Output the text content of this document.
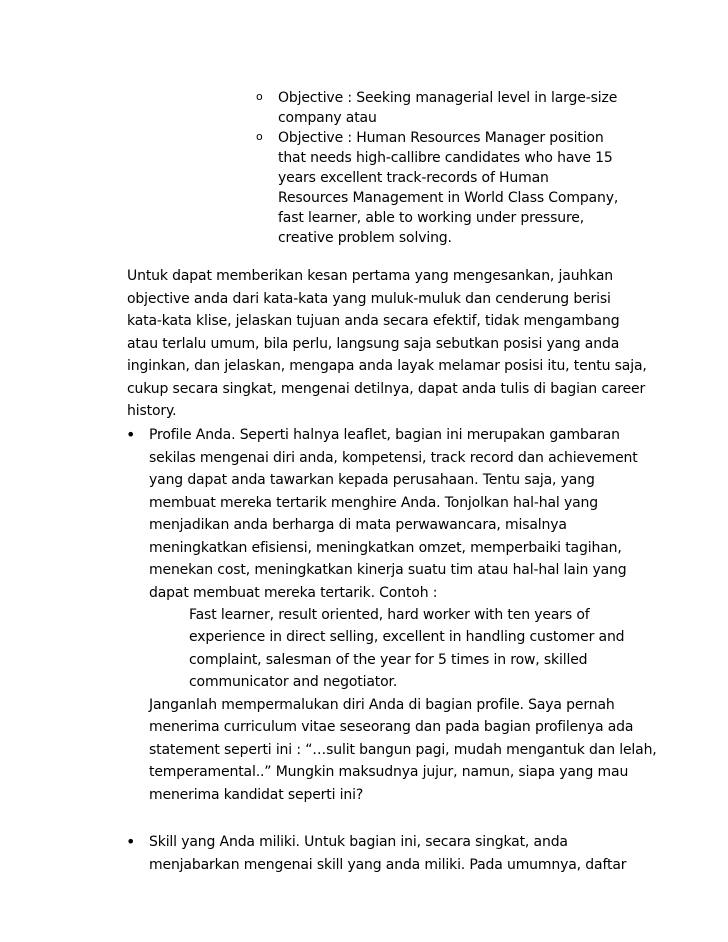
o Objective : Seeking managerial level in large-size
company atau
o Objective : Human Resources Manager position
that needs high-callibre candidates who have 15
years excellent track-records of Human
Resources Management in World Class Company,
fast learner, able to working under pressure,
creative problem solving.
Untuk dapat memberikan kesan pertama yang mengesankan, jauhkan
objective anda dari kata-kata yang muluk-muluk dan cenderung berisi
kata-kata klise, jelaskan tujuan anda secara efektif, tidak mengambang
atau terlalu umum, bila perlu, langsung saja sebutkan posisi yang anda
inginkan, dan jelaskan, mengapa anda layak melamar posisi itu, tentu saja,
cukup secara singkat, mengenai detilnya, dapat anda tulis di bagian career
history.
• Profile Anda. Seperti halnya leaflet, bagian ini merupakan gambaran
sekilas mengenai diri anda, kompetensi, track record dan achievement
yang dapat anda tawarkan kepada perusahaan. Tentu saja, yang
membuat mereka tertarik menghire Anda. Tonjolkan hal-hal yang
menjadikan anda berharga di mata perwawancara, misalnya
meningkatkan efisiensi, meningkatkan omzet, memperbaiki tagihan,
menekan cost, meningkatkan kinerja suatu tim atau hal-hal lain yang
dapat membuat mereka tertarik. Contoh :
Fast learner, result oriented, hard worker with ten years of
experience in direct selling, excellent in handling customer and
complaint, salesman of the year for 5 times in row, skilled
communicator and negotiator.
Janganlah mempermalukan diri Anda di bagian profile. Saya pernah
menerima curriculum vitae seseorang dan pada bagian profilenya ada
statement seperti ini : “…sulit bangun pagi, mudah mengantuk dan lelah,
temperamental..” Mungkin maksudnya jujur, namun, siapa yang mau
menerima kandidat seperti ini?
• Skill yang Anda miliki. Untuk bagian ini, secara singkat, anda
menjabarkan mengenai skill yang anda miliki. Pada umumnya, daftar
